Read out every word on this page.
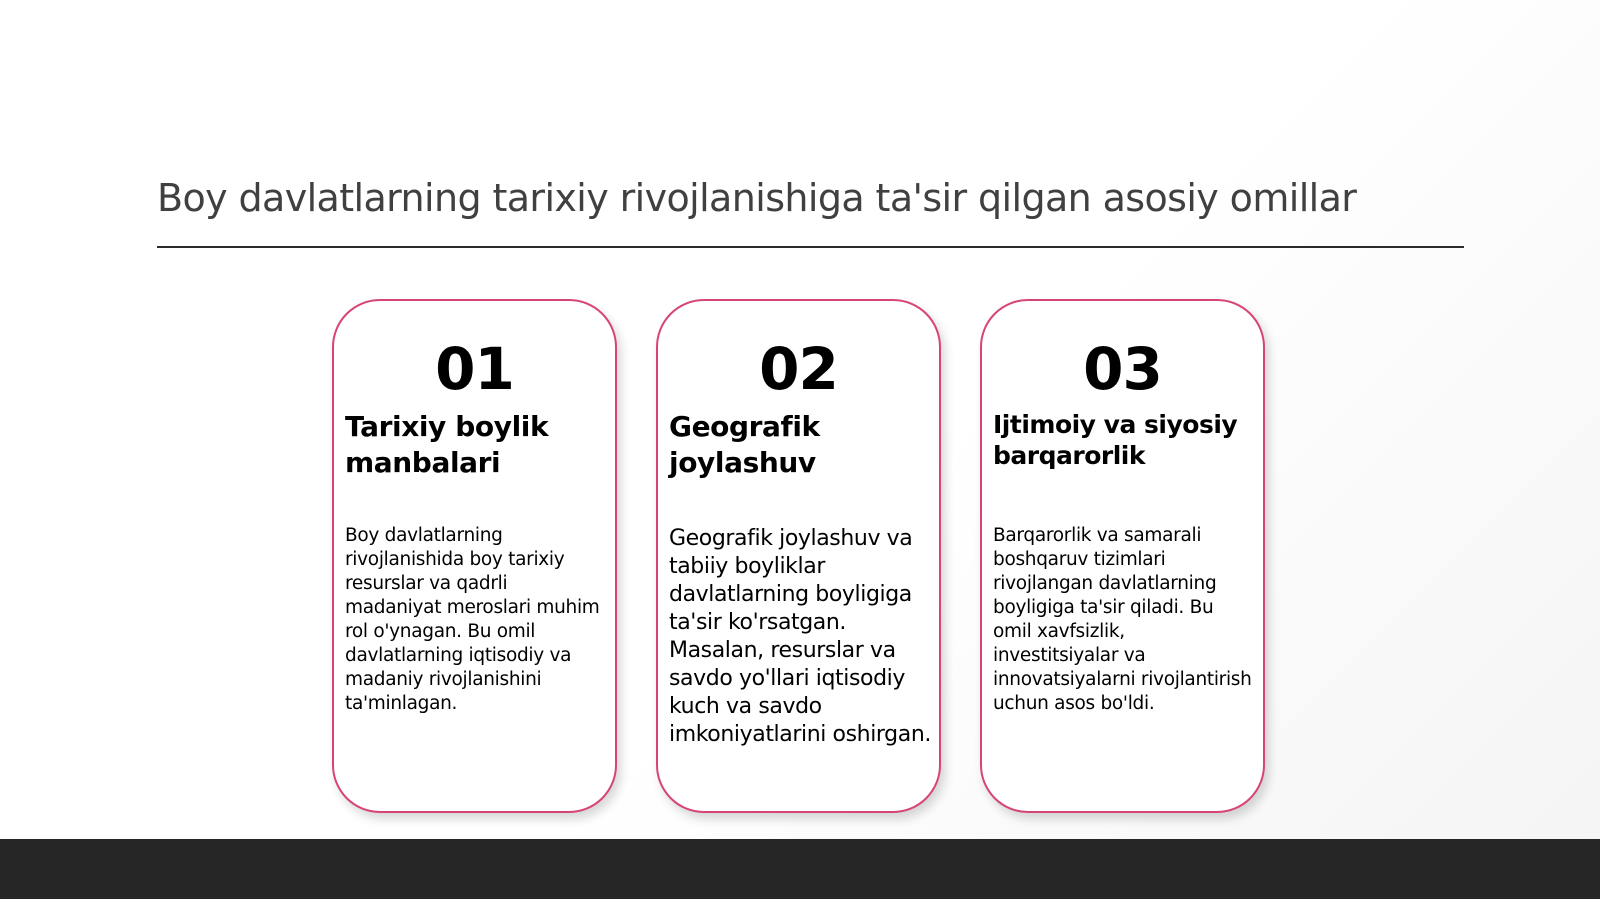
Boy davlatlarning tarixiy rivojlanishiga ta'sir qilgan asosiy omillar
01
Tarixiy boylik manbalari

Boy davlatlarning rivojlanishida boy tarixiy resurslar va qadrli madaniyat meroslari muhim rol o'ynagan. Bu omil davlatlarning iqtisodiy va madaniy rivojlanishini ta'minlagan.

02
Geografik joylashuv

Geografik joylashuv va tabiiy boyliklar davlatlarning boyligiga ta'sir ko'rsatgan. Masalan, resurslar va savdo yo'llari iqtisodiy kuch va savdo imkoniyatlarini oshirgan.

03
Ijtimoiy va siyosiy barqarorlik

Barqarorlik va samarali boshqaruv tizimlari rivojlangan davlatlarning boyligiga ta'sir qiladi. Bu omil xavfsizlik, investitsiyalar va innovatsiyalarni rivojlantirish uchun asos bo'ldi.
